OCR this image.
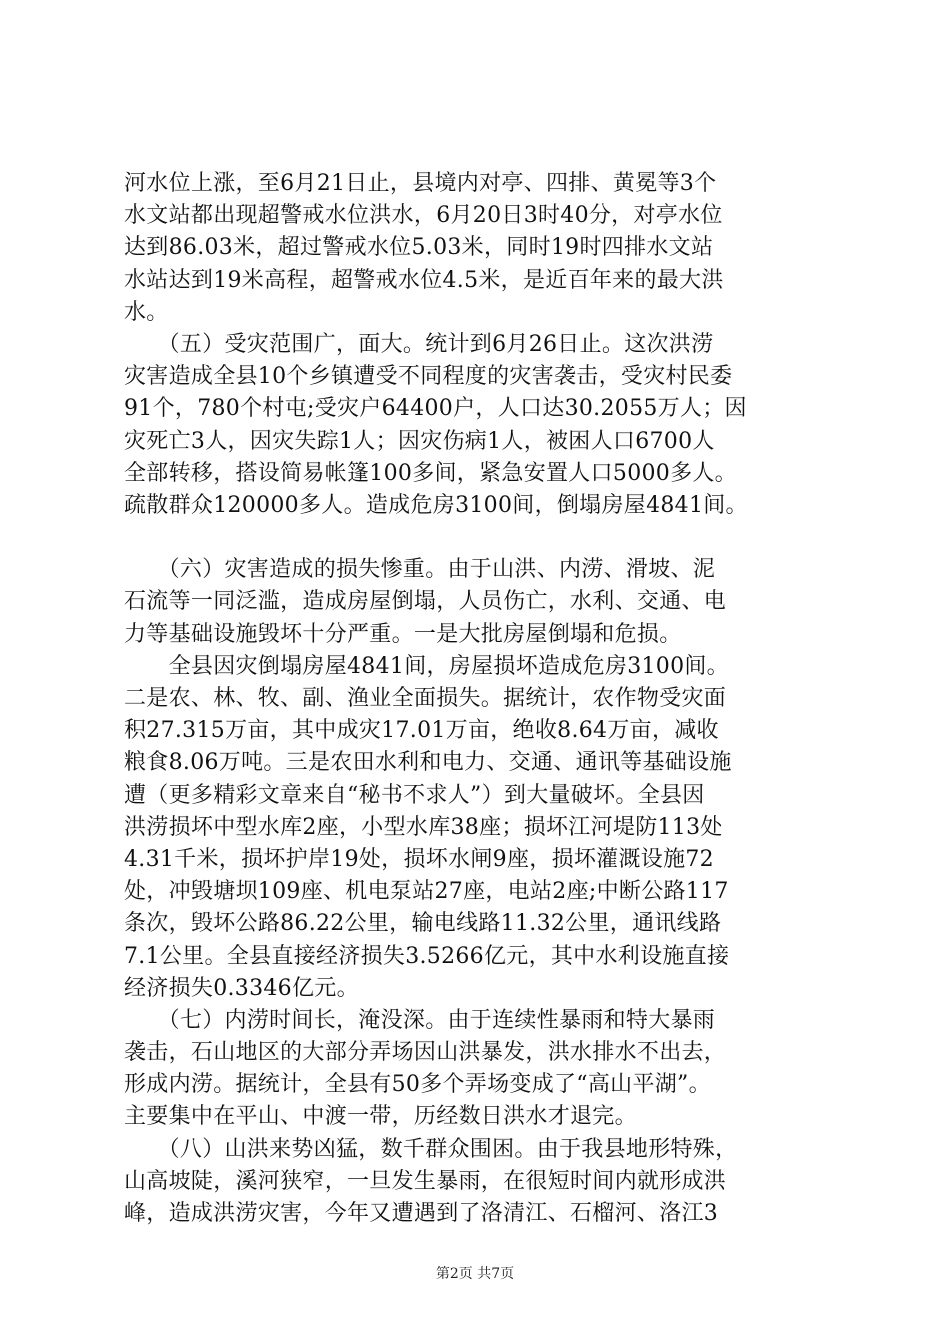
河水位上涨，至6月21日止，县境内对亭、四排、黄冕等3个
水文站都出现超警戒水位洪水，6月20日3时40分，对亭水位
达到86.03米，超过警戒水位5.03米，同时19时四排水文站
水站达到19米高程，超警戒水位4.5米，是近百年来的最大洪
水。
　　（五）受灾范围广，面大。统计到6月26日止。这次洪涝
灾害造成全县10个乡镇遭受不同程度的灾害袭击，受灾村民委
91个，780个村屯;受灾户64400户，人口达30.2055万人；因
灾死亡3人，因灾失踪1人；因灾伤病1人，被困人口6700人
全部转移，搭设简易帐篷100多间，紧急安置人口5000多人。
疏散群众120000多人。造成危房3100间，倒塌房屋4841间。
　　（六）灾害造成的损失惨重。由于山洪、内涝、滑坡、泥
石流等一同泛滥，造成房屋倒塌，人员伤亡，水利、交通、电
力等基础设施毁坏十分严重。一是大批房屋倒塌和危损。
　　全县因灾倒塌房屋4841间，房屋损坏造成危房3100间。
二是农、林、牧、副、渔业全面损失。据统计，农作物受灾面
积27.315万亩，其中成灾17.01万亩，绝收8.64万亩，减收
粮食8.06万吨。三是农田水利和电力、交通、通讯等基础设施
遭（更多精彩文章来自“秘书不求人”）到大量破坏。全县因
洪涝损坏中型水库2座，小型水库38座；损坏江河堤防113处
4.31千米，损坏护岸19处，损坏水闸9座，损坏灌溉设施72
处，冲毁塘坝109座、机电泵站27座，电站2座;中断公路117
条次，毁坏公路86.22公里，输电线路11.32公里，通讯线路
7.1公里。全县直接经济损失3.5266亿元，其中水利设施直接
经济损失0.3346亿元。
　　（七）内涝时间长，淹没深。由于连续性暴雨和特大暴雨
袭击，石山地区的大部分弄场因山洪暴发，洪水排水不出去，
形成内涝。据统计，全县有50多个弄场变成了“高山平湖”。
主要集中在平山、中渡一带，历经数日洪水才退完。
　　（八）山洪来势凶猛，数千群众围困。由于我县地形特殊，
山高坡陡，溪河狭窄，一旦发生暴雨，在很短时间内就形成洪
峰，造成洪涝灾害，今年又遭遇到了洛清江、石榴河、洛江3
第2页 共7页
